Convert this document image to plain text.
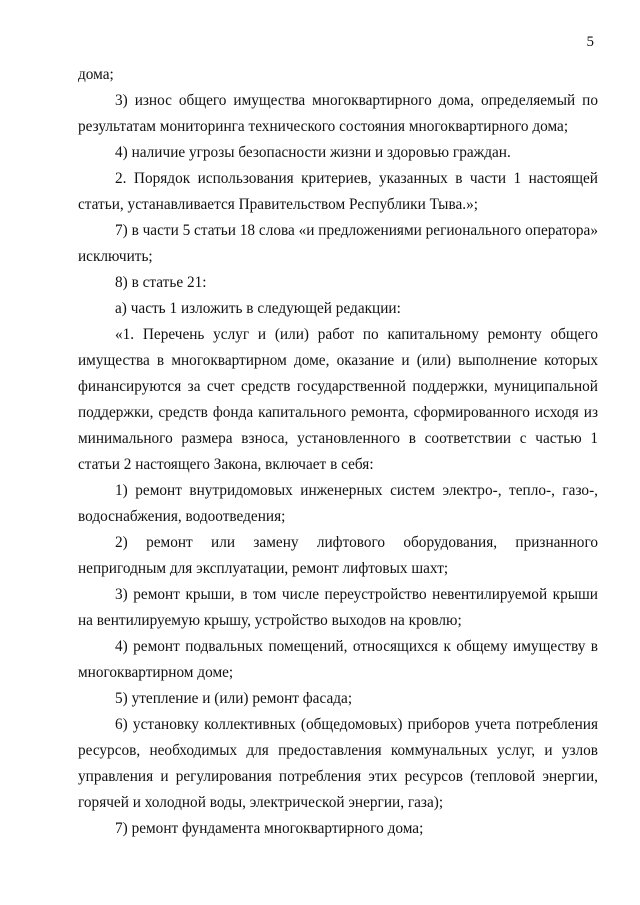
5

дома;

3) износ общего имущества многоквартирного дома, определяемый по результатам мониторинга технического состояния многоквартирного дома;

4) наличие угрозы безопасности жизни и здоровью граждан.

2. Порядок использования критериев, указанных в части 1 настоящей статьи, устанавливается Правительством Республики Тыва.»;

7) в части 5 статьи 18 слова «и предложениями регионального оператора» исключить;

8) в статье 21:

а) часть 1 изложить в следующей редакции:

«1. Перечень услуг и (или) работ по капитальному ремонту общего имущества в многоквартирном доме, оказание и (или) выполнение которых финансируются за счет средств государственной поддержки, муниципальной поддержки, средств фонда капитального ремонта, сформированного исходя из минимального размера взноса, установленного в соответствии с частью 1 статьи 2 настоящего Закона, включает в себя:

1) ремонт внутридомовых инженерных систем электро-, тепло-, газо-, водоснабжения, водоотведения;

2) ремонт или замену лифтового оборудования, признанного непригодным для эксплуатации, ремонт лифтовых шахт;

3) ремонт крыши, в том числе переустройство невентилируемой крыши на вентилируемую крышу, устройство выходов на кровлю;

4) ремонт подвальных помещений, относящихся к общему имуществу в многоквартирном доме;

5) утепление и (или) ремонт фасада;

6) установку коллективных (общедомовых) приборов учета потребления ресурсов, необходимых для предоставления коммунальных услуг, и узлов управления и регулирования потребления этих ресурсов (тепловой энергии, горячей и холодной воды, электрической энергии, газа);

7) ремонт фундамента многоквартирного дома;
